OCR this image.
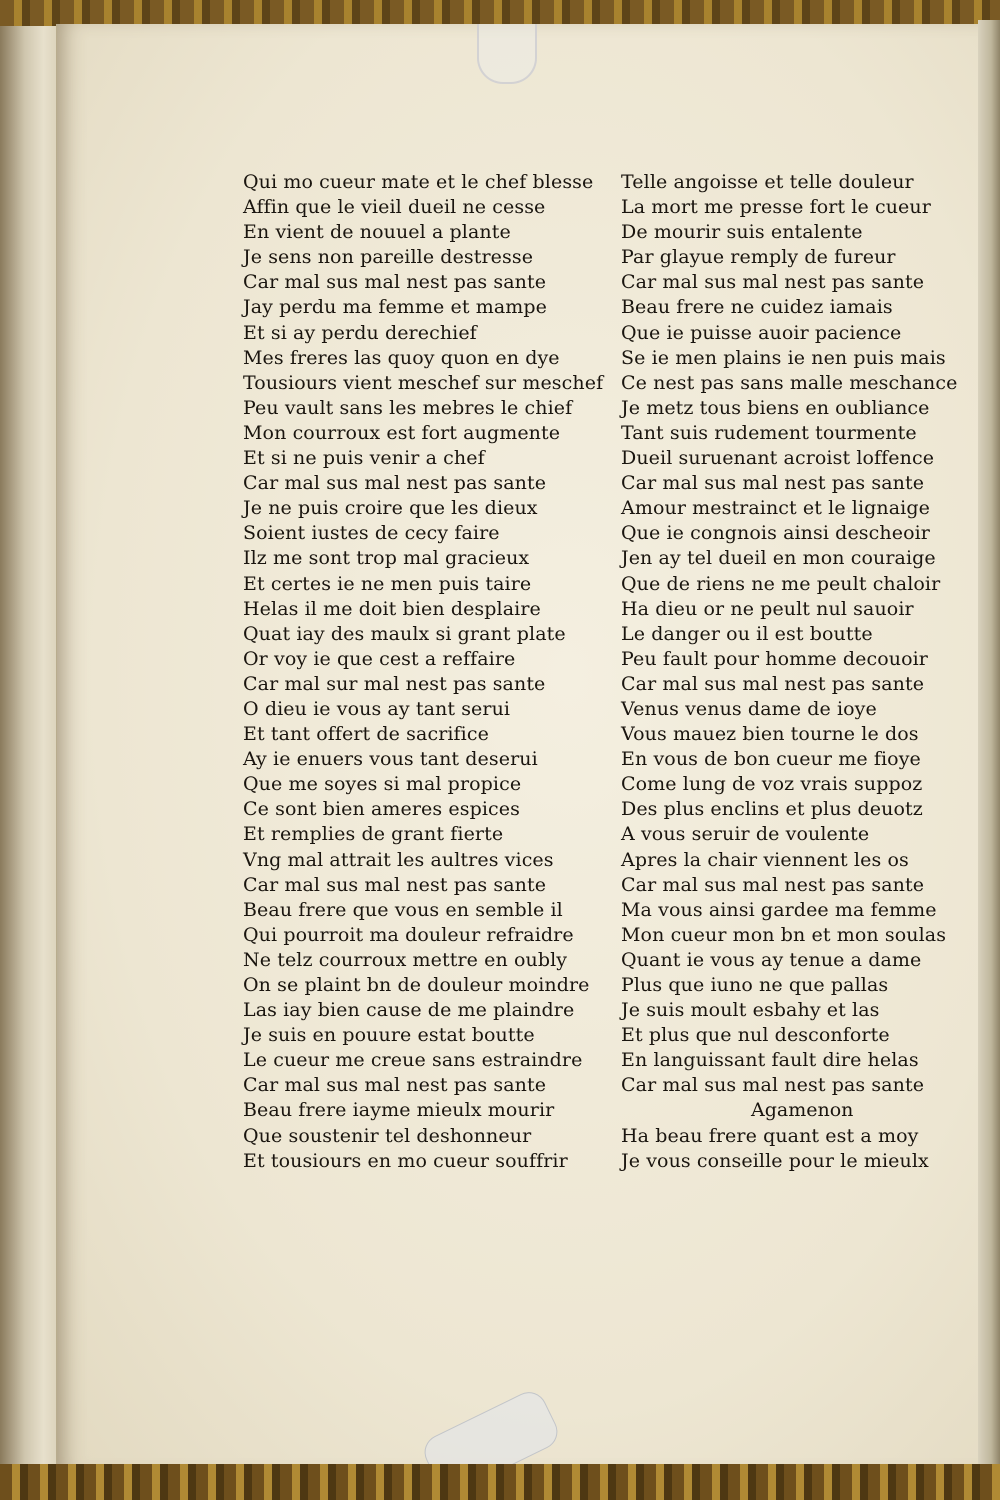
Qui mo cueur mate et le chef blesse
Affin que le vieil dueil ne cesse
En vient de nouuel a plante
Je sens non pareille destresse
Car mal sus mal nest pas sante
Jay perdu ma femme et mampe
Et si ay perdu derechief
Mes freres las quoy quon en dye
Tousiours vient meschef sur meschef
Peu vault sans les mebres le chief
Mon courroux est fort augmente
Et si ne puis venir a chef
Car mal sus mal nest pas sante
Je ne puis croire que les dieux
Soient iustes de cecy faire
Ilz me sont trop mal gracieux
Et certes ie ne men puis taire
Helas il me doit bien desplaire
Quat iay des maulx si grant plate
Or voy ie que cest a reffaire
Car mal sur mal nest pas sante
O dieu ie vous ay tant serui
Et tant offert de sacrifice
Ay ie enuers vous tant deserui
Que me soyes si mal propice
Ce sont bien ameres espices
Et remplies de grant fierte
Vng mal attrait les aultres vices
Car mal sus mal nest pas sante
Beau frere que vous en semble il
Qui pourroit ma douleur refraidre
Ne telz courroux mettre en oubly
On se plaint bn de douleur moindre
Las iay bien cause de me plaindre
Je suis en pouure estat boutte
Le cueur me creue sans estraindre
Car mal sus mal nest pas sante
Beau frere iayme mieulx mourir
Que soustenir tel deshonneur
Et tousiours en mo cueur souffrir
Telle angoisse et telle douleur
La mort me presse fort le cueur
De mourir suis entalente
Par glayue remply de fureur
Car mal sus mal nest pas sante
Beau frere ne cuidez iamais
Que ie puisse auoir pacience
Se ie men plains ie nen puis mais
Ce nest pas sans malle meschance
Je metz tous biens en oubliance
Tant suis rudement tourmente
Dueil suruenant acroist loffence
Car mal sus mal nest pas sante
Amour mestrainct et le lignaige
Que ie congnois ainsi descheoir
Jen ay tel dueil en mon couraige
Que de riens ne me peult chaloir
Ha dieu or ne peult nul sauoir
Le danger ou il est boutte
Peu fault pour homme decouoir
Car mal sus mal nest pas sante
Venus venus dame de ioye
Vous mauez bien tourne le dos
En vous de bon cueur me fioye
Come lung de voz vrais suppoz
Des plus enclins et plus deuotz
A vous seruir de voulente
Apres la chair viennent les os
Car mal sus mal nest pas sante
Ma vous ainsi gardee ma femme
Mon cueur mon bn et mon soulas
Quant ie vous ay tenue a dame
Plus que iuno ne que pallas
Je suis moult esbahy et las
Et plus que nul desconforte
En languissant fault dire helas
Car mal sus mal nest pas sante
Agamenon
Ha beau frere quant est a moy
Je vous conseille pour le mieulx
